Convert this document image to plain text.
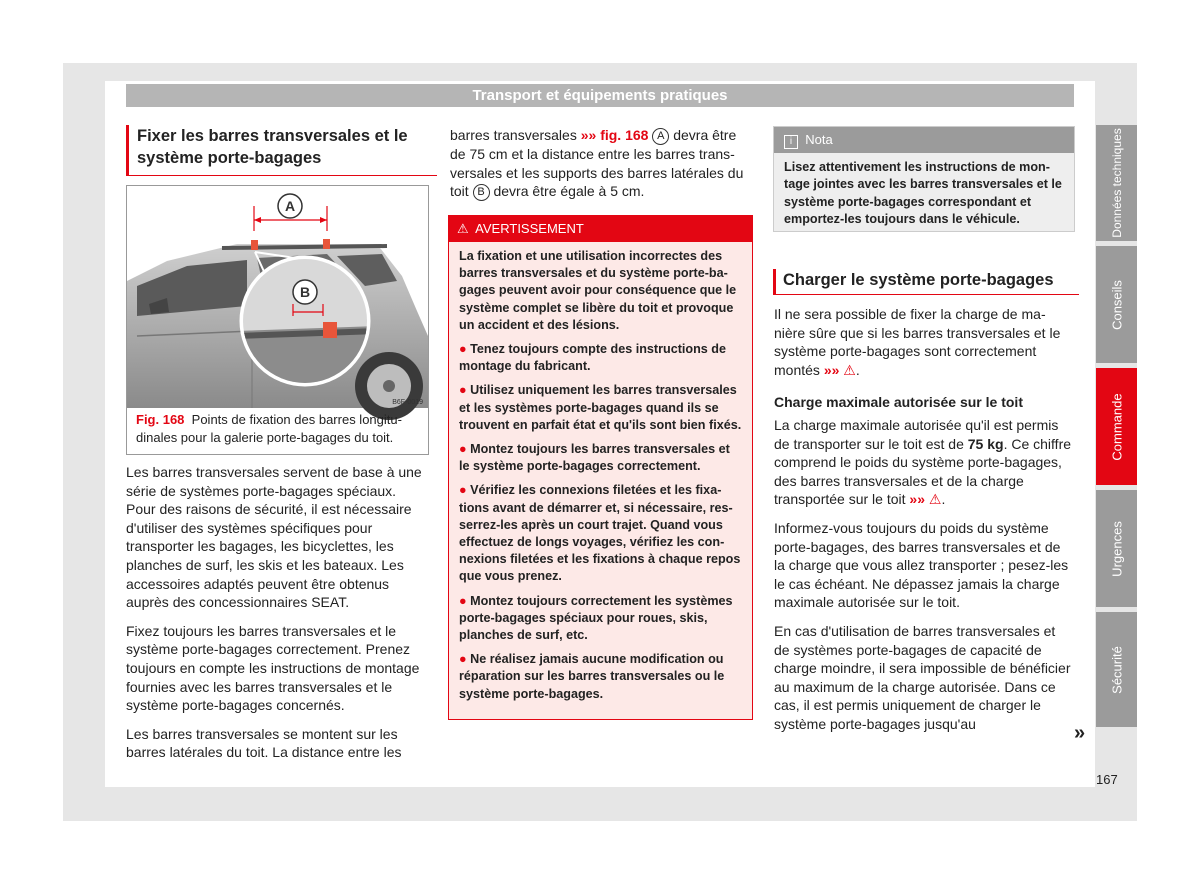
Transport et équipements pratiques
Fixer les barres transversales et le système porte-bagages
A
B
B6F-0019
Fig. 168 Points de fixation des barres longitudinales pour la galerie porte-bagages du toit.

Les barres transversales servent de base à une série de systèmes porte-bagages spéciaux. Pour des raisons de sécurité, il est nécessaire d'utiliser des systèmes spécifiques pour transporter les bagages, les bicyclettes, les planches de surf, les skis et les bateaux. Les accessoires adaptés peuvent être obtenus auprès des concessionnaires SEAT.

Fixez toujours les barres transversales et le système porte-bagages correctement. Prenez toujours en compte les instructions de montage fournies avec les barres transversales et le système porte-bagages concernés.

Les barres transversales se montent sur les barres latérales du toit. La distance entre les

barres transversales »» fig. 168 A devra être de 75 cm et la distance entre les barres transversales et les supports des barres latérales du toit B devra être égale à 5 cm.

⚠ AVERTISSEMENT

La fixation et une utilisation incorrectes des barres transversales et du système porte-bagages peuvent avoir pour conséquence que le système complet se libère du toit et provoque un accident et des lésions.

● Tenez toujours compte des instructions de montage du fabricant.

● Utilisez uniquement les barres transversales et les systèmes porte-bagages quand ils se trouvent en parfait état et qu'ils sont bien fixés.

● Montez toujours les barres transversales et le système porte-bagages correctement.

● Vérifiez les connexions filetées et les fixations avant de démarrer et, si nécessaire, resserrez-les après un court trajet. Quand vous effectuez de longs voyages, vérifiez les connexions filetées et les fixations à chaque repos que vous prenez.

● Montez toujours correctement les systèmes porte-bagages spéciaux pour roues, skis, planches de surf, etc.

● Ne réalisez jamais aucune modification ou réparation sur les barres transversales ou le système porte-bagages.

i Nota
Lisez attentivement les instructions de montage jointes avec les barres transversales et le système porte-bagages correspondant et emportez-les toujours dans le véhicule.
Charger le système porte-bagages

Il ne sera possible de fixer la charge de manière sûre que si les barres transversales et le système porte-bagages sont correctement montés »» ⚠.

Charge maximale autorisée sur le toit

La charge maximale autorisée qu'il est permis de transporter sur le toit est de 75 kg. Ce chiffre comprend le poids du système porte-bagages, des barres transversales et de la charge transportée sur le toit »» ⚠.

Informez-vous toujours du poids du système porte-bagages, des barres transversales et de la charge que vous allez transporter ; pesez-les le cas échéant. Ne dépassez jamais la charge maximale autorisée sur le toit.

En cas d'utilisation de barres transversales et de systèmes porte-bagages de capacité de charge moindre, il sera impossible de bénéficier au maximum de la charge autorisée. Dans ce cas, il est permis uniquement de charger le système porte-bagages jusqu'au	»
Données techniques
Conseils
Commande
Urgences
Sécurité
167
